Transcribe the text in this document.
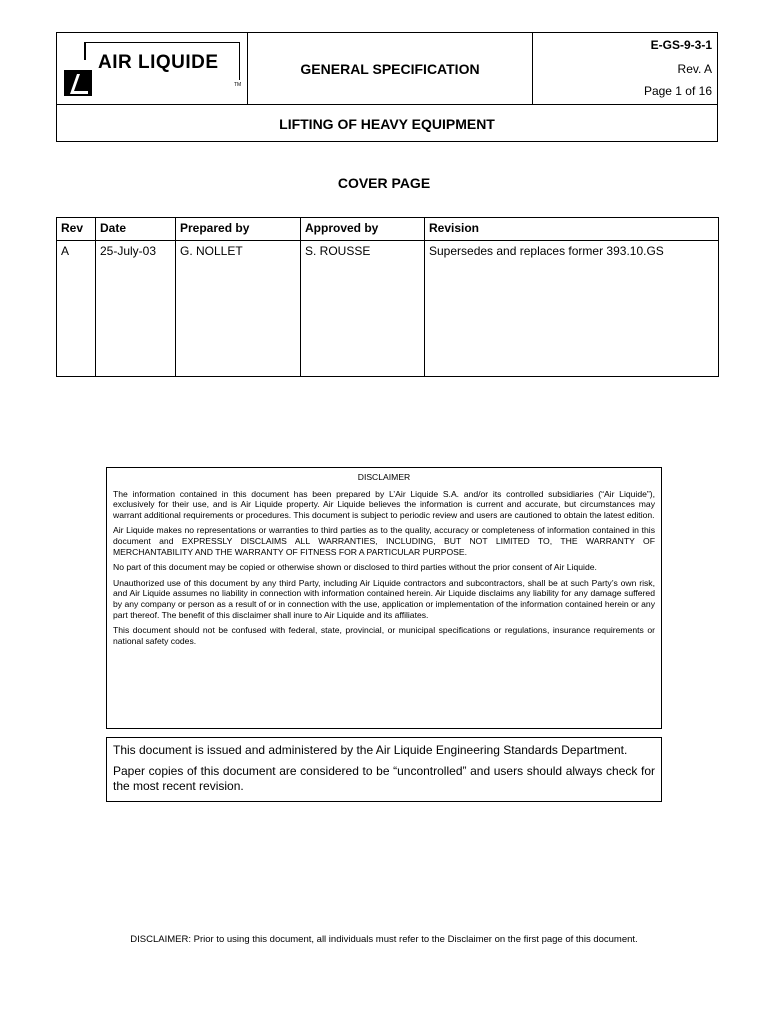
AIR LIQUIDE
TM
GENERAL SPECIFICATION
E-GS-9-3-1
Rev. A
Page 1 of 16
LIFTING OF HEAVY EQUIPMENT
COVER PAGE
Rev	Date	Prepared by	Approved by	Revision
A	25-July-03	G. NOLLET	S. ROUSSE	Supersedes and replaces former 393.10.GS
DISCLAIMER

The information contained in this document has been prepared by L’Air Liquide S.A. and/or its controlled subsidiaries (“Air Liquide”), exclusively for their use, and is Air Liquide property. Air Liquide believes the information is current and accurate, but circumstances may warrant additional requirements or procedures. This document is subject to periodic review and users are cautioned to obtain the latest edition.

Air Liquide makes no representations or warranties to third parties as to the quality, accuracy or completeness of information contained in this document and EXPRESSLY DISCLAIMS ALL WARRANTIES, INCLUDING, BUT NOT LIMITED TO, THE WARRANTY OF MERCHANTABILITY AND THE WARRANTY OF FITNESS FOR A PARTICULAR PURPOSE.

No part of this document may be copied or otherwise shown or disclosed to third parties without the prior consent of Air Liquide.

Unauthorized use of this document by any third Party, including Air Liquide contractors and subcontractors, shall be at such Party’s own risk, and Air Liquide assumes no liability in connection with information contained herein. Air Liquide disclaims any liability for any damage suffered by any company or person as a result of or in connection with the use, application or implementation of the information contained herein or any part thereof. The benefit of this disclaimer shall inure to Air Liquide and its affiliates.

This document should not be confused with federal, state, provincial, or municipal specifications or regulations, insurance requirements or national safety codes.

This document is issued and administered by the Air Liquide Engineering Standards Department.

Paper copies of this document are considered to be “uncontrolled” and users should always check for the most recent revision.

DISCLAIMER: Prior to using this document, all individuals must refer to the Disclaimer on the first page of this document.
